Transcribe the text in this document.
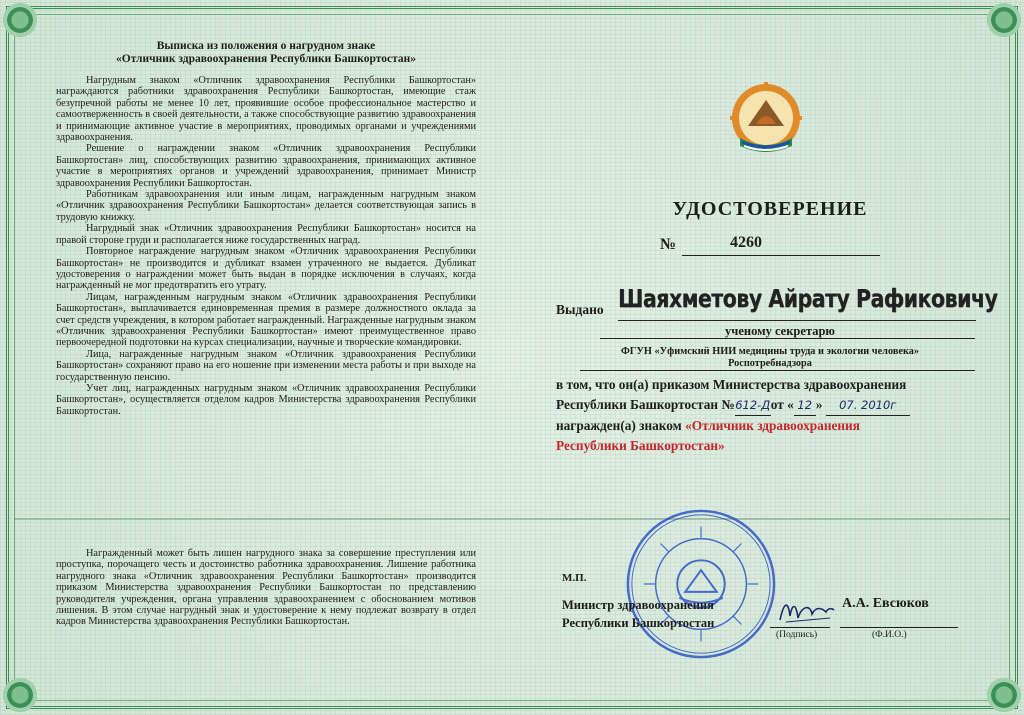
Выписка из положения о нагрудном знаке
«Отличник здравоохранения Республики Башкортостан»

Нагрудным знаком «Отличник здравоохранения Республики Башкортостан» награждаются работники здравоохранения Республики Башкортостан, имеющие стаж безупречной работы не менее 10 лет, проявившие особое профессиональное мастерство и самоотверженность в своей деятельности, а также способствующие развитию здравоохранения и принимающие активное участие в мероприятиях, проводимых органами и учреждениями здравоохранения.

Решение о награждении знаком «Отличник здравоохранения Республики Башкортостан» лиц, способствующих развитию здравоохранения, принимающих активное участие в мероприятиях органов и учреждений здравоохранения, принимает Министр здравоохранения Республики Башкортостан.

Работникам здравоохранения или иным лицам, награжденным нагрудным знаком «Отличник здравоохранения Республики Башкортостан» делается соответствующая запись в трудовую книжку.

Нагрудный знак «Отличник здравоохранения Республики Башкортостан» носится на правой стороне груди и располагается ниже государственных наград.

Повторное награждение нагрудным знаком «Отличник здравоохранения Республики Башкортостан» не производится и дубликат взамен утраченного не выдается. Дубликат удостоверения о награждении может быть выдан в порядке исключения в случаях, когда награжденный не мог предотвратить его утрату.

Лицам, награжденным нагрудным знаком «Отличник здравоохранения Республики Башкортостан», выплачивается единовременная премия в размере должностного оклада за счет средств учреждения, в котором работает награжденный. Награжденные нагрудным знаком «Отличник здравоохранения Республики Башкортостан» имеют преимущественное право первоочередной подготовки на курсах специализации, научные и творческие командировки.

Лица, награжденные нагрудным знаком «Отличник здравоохранения Республики Башкортостан» сохраняют право на его ношение при изменении места работы и при выходе на государственную пенсию.

Учет лиц, награжденных нагрудным знаком «Отличник здравоохранения Республики Башкортостан», осуществляется отделом кадров Министерства здравоохранения Республики Башкортостан.

Награжденный может быть лишен нагрудного знака за совершение преступления или проступка, порочащего честь и достоинство работника здравоохранения. Лишение работника нагрудного знака «Отличник здравоохранения Республики Башкортостан» производится приказом Министерства здравоохранения Республики Башкортостан по представлению руководителя учреждения, органа управления здравоохранением с обоснованием мотивов лишения. В этом случае нагрудный знак и удостоверение к нему подлежат возврату в отдел кадров Министерства здравоохранения Республики Башкортостан.

УДОСТОВЕРЕНИЕ
№	4260
Выдано Шаяхметову Айрату Рафиковичу
ученому секретарю
ФГУН «Уфимский НИИ медицины труда и экологии человека»
Роспотребнадзора
в том, что он(а) приказом Министерства здравоохранения
Республики Башкортостан №612-Дот « 12 » 07. 2010г
награжден(а) знаком «Отличник здравоохранения
Республики Башкортостан»
М.П.
Министр здравоохранения
Республики Башкортостан
А.А. Евсюков
(Подпись)	(Ф.И.О.)
